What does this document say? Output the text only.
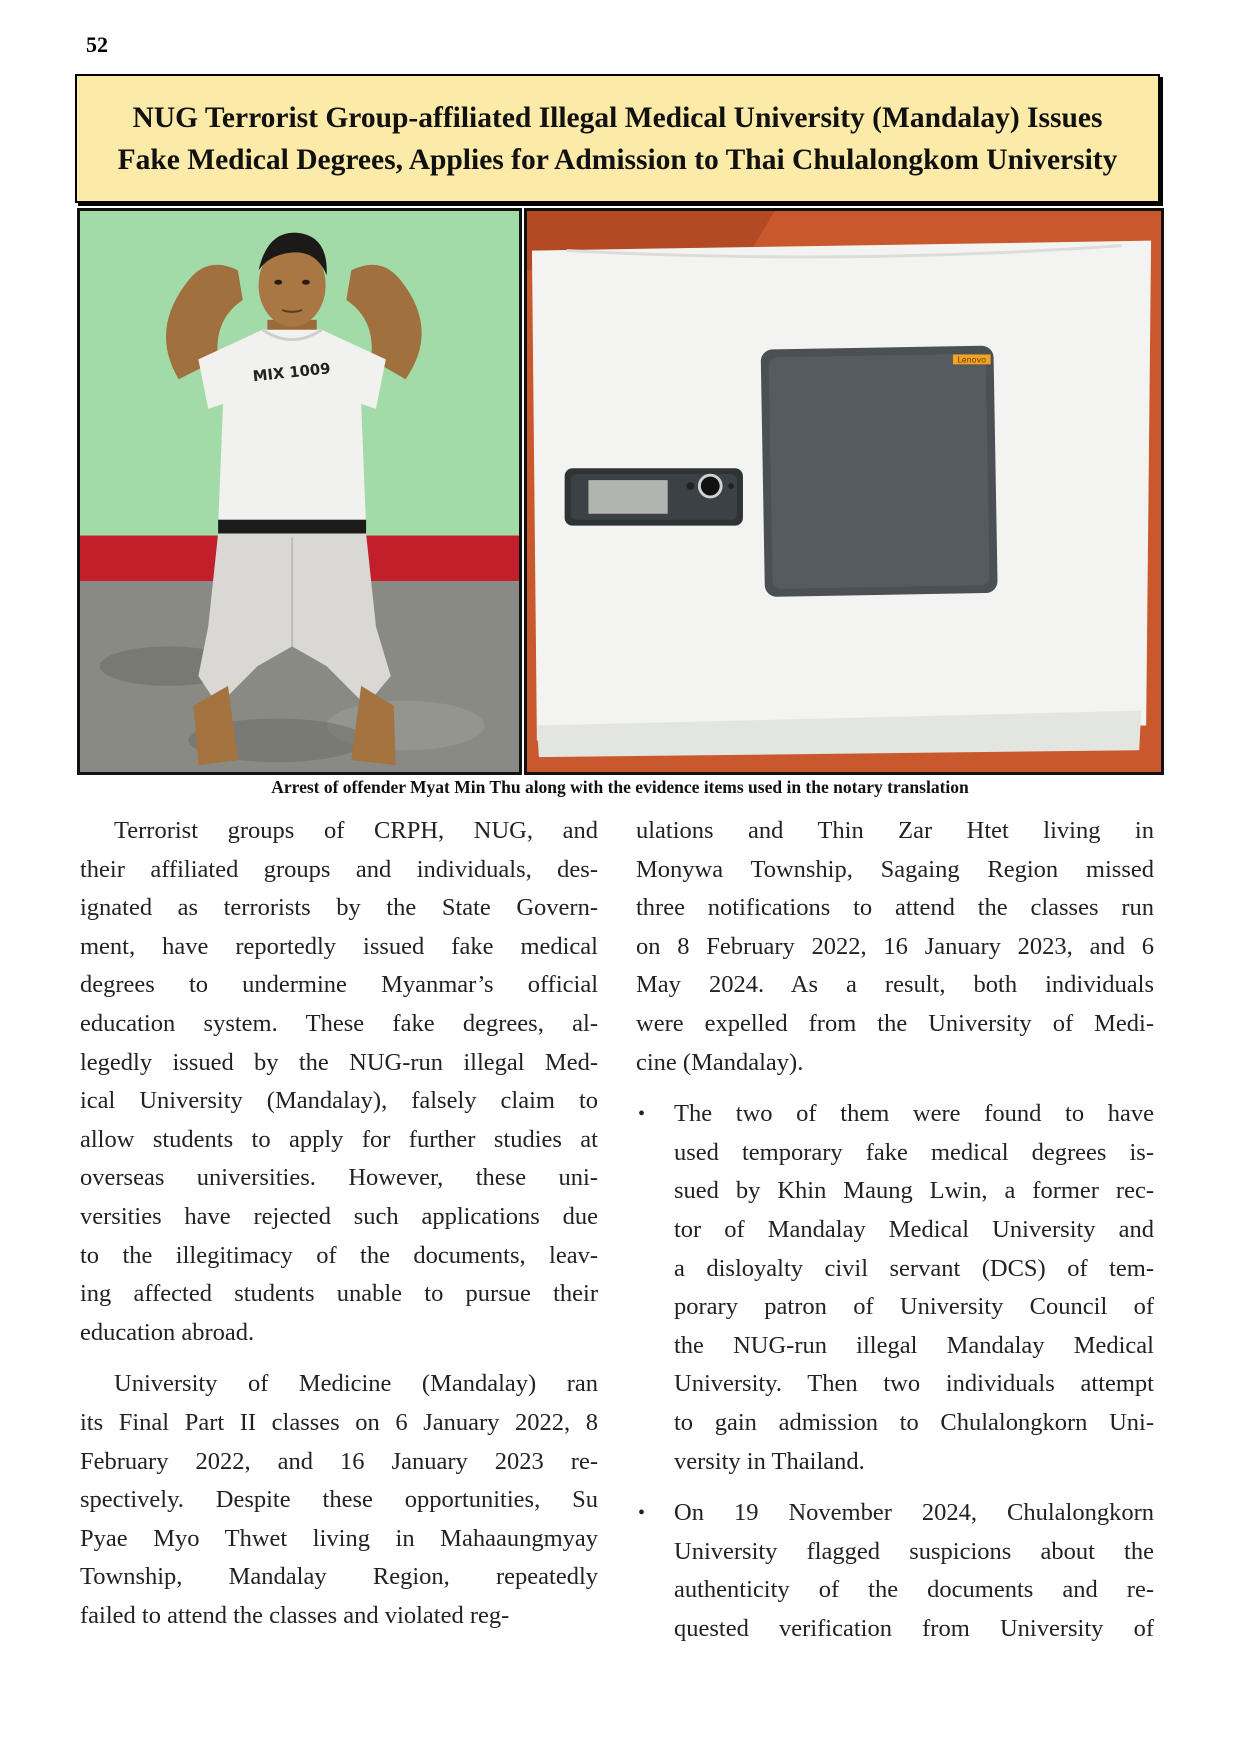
52
NUG Terrorist Group-affiliated Illegal Medical University (Mandalay) Issues
Fake Medical Degrees, Applies for Admission to Thai Chulalongkom University
MIX 1009
Lenovo
Arrest of offender Myat Min Thu along with the evidence items used in the notary translation
Terrorist groups of CRPH, NUG, and
their affiliated groups and individuals, des-
ignated as terrorists by the State Govern-
ment, have reportedly issued fake medical
degrees to undermine Myanmar’s official
education system. These fake degrees, al-
legedly issued by the NUG-run illegal Med-
ical University (Mandalay), falsely claim to
allow students to apply for further studies at
overseas universities. However, these uni-
versities have rejected such applications due
to the illegitimacy of the documents, leav-
ing affected students unable to pursue their
education abroad.
University of Medicine (Mandalay) ran
its Final Part II classes on 6 January 2022, 8
February 2022, and 16 January 2023 re-
spectively. Despite these opportunities, Su
Pyae Myo Thwet living in Mahaaungmyay
Township, Mandalay Region, repeatedly
failed to attend the classes and violated reg-
ulations and Thin Zar Htet living in
Monywa Township, Sagaing Region missed
three notifications to attend the classes run
on 8 February 2022, 16 January 2023, and 6
May 2024. As a result, both individuals
were expelled from the University of Medi-
cine (Mandalay).
•	The two of them were found to have
used temporary fake medical degrees is-
sued by Khin Maung Lwin, a former rec-
tor of Mandalay Medical University and
a disloyalty civil servant (DCS) of tem-
porary patron of University Council of
the NUG-run illegal Mandalay Medical
University. Then two individuals attempt
to gain admission to Chulalongkorn Uni-
versity in Thailand.
•	On 19 November 2024, Chulalongkorn
University flagged suspicions about the
authenticity of the documents and re-
quested verification from University of
